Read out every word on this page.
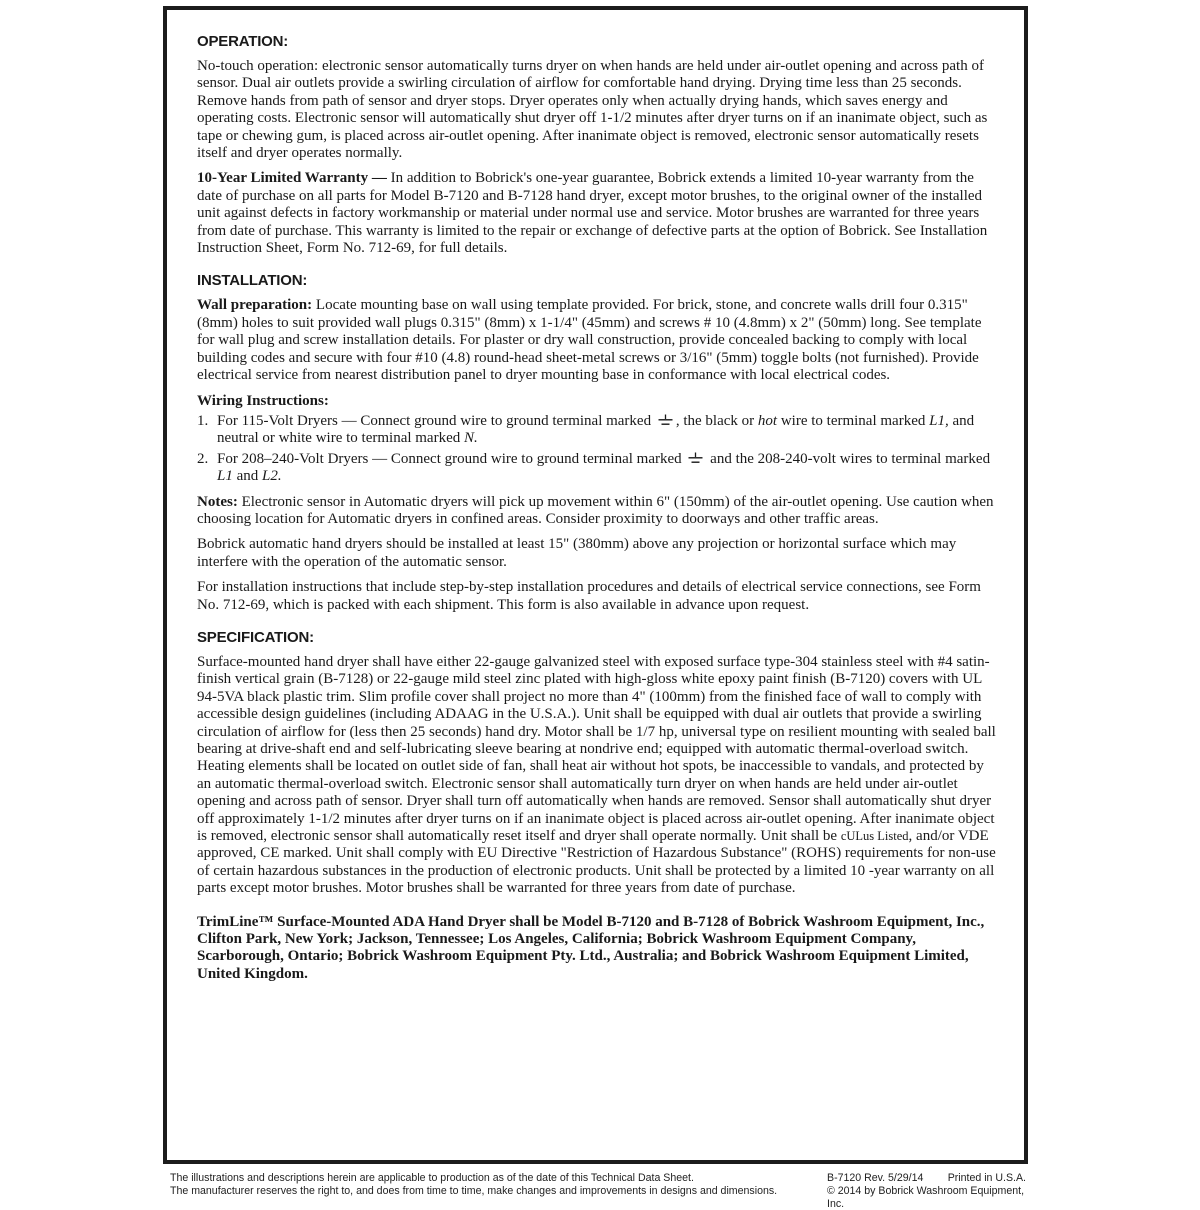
OPERATION:

No-touch operation: electronic sensor automatically turns dryer on when hands are held under air-outlet opening and across path of sensor. Dual air outlets provide a swirling circulation of airflow for comfortable hand drying. Drying time less than 25 seconds. Remove hands from path of sensor and dryer stops. Dryer operates only when actually drying hands, which saves energy and operating costs. Electronic sensor will automatically shut dryer off 1-1/2 minutes after dryer turns on if an inanimate object, such as tape or chewing gum, is placed across air-outlet opening. After inanimate object is removed, electronic sensor automatically resets itself and dryer operates normally.

10-Year Limited Warranty — In addition to Bobrick's one-year guarantee, Bobrick extends a limited 10-year warranty from the date of purchase on all parts for Model B-7120 and B-7128 hand dryer, except motor brushes, to the original owner of the installed unit against defects in factory workmanship or material under normal use and service. Motor brushes are warranted for three years from date of purchase. This warranty is limited to the repair or exchange of defective parts at the option of Bobrick. See Installation Instruction Sheet, Form No. 712-69, for full details.

INSTALLATION:

Wall preparation: Locate mounting base on wall using template provided. For brick, stone, and concrete walls drill four 0.315" (8mm) holes to suit provided wall plugs 0.315" (8mm) x 1-1/4" (45mm) and screws # 10 (4.8mm) x 2" (50mm) long. See template for wall plug and screw installation details. For plaster or dry wall construction, provide concealed backing to comply with local building codes and secure with four #10 (4.8) round-head sheet-metal screws or 3/16" (5mm) toggle bolts (not furnished). Provide electrical service from nearest distribution panel to dryer mounting base in conformance with local electrical codes.

Wiring Instructions:
1. For 115-Volt Dryers — Connect ground wire to ground terminal marked , the black or hot wire to terminal marked L1, and neutral or white wire to terminal marked N.
2. For 208–240-Volt Dryers — Connect ground wire to ground terminal marked  and the 208-240-volt wires to terminal marked L1 and L2.

Notes: Electronic sensor in Automatic dryers will pick up movement within 6" (150mm) of the air-outlet opening. Use caution when choosing location for Automatic dryers in confined areas. Consider proximity to doorways and other traffic areas.

Bobrick automatic hand dryers should be installed at least 15" (380mm) above any projection or horizontal surface which may interfere with the operation of the automatic sensor.

For installation instructions that include step-by-step installation procedures and details of electrical service connections, see Form No. 712-69, which is packed with each shipment. This form is also available in advance upon request.

SPECIFICATION:

Surface-mounted hand dryer shall have either 22-gauge galvanized steel with exposed surface type-304 stainless steel with #4 satin-finish vertical grain (B-7128) or 22-gauge mild steel zinc plated with high-gloss white epoxy paint finish (B-7120) covers with UL 94-5VA black plastic trim. Slim profile cover shall project no more than 4" (100mm) from the finished face of wall to comply with accessible design guidelines (including ADAAG in the U.S.A.). Unit shall be equipped with dual air outlets that provide a swirling circulation of airflow for (less then 25 seconds) hand dry. Motor shall be 1/7 hp, universal type on resilient mounting with sealed ball bearing at drive-shaft end and self-lubricating sleeve bearing at nondrive end; equipped with automatic thermal-overload switch. Heating elements shall be located on outlet side of fan, shall heat air without hot spots, be inaccessible to vandals, and protected by an automatic thermal-overload switch. Electronic sensor shall automatically turn dryer on when hands are held under air-outlet opening and across path of sensor. Dryer shall turn off automatically when hands are removed. Sensor shall automatically shut dryer off approximately 1-1/2 minutes after dryer turns on if an inanimate object is placed across air-outlet opening. After inanimate object is removed, electronic sensor shall automatically reset itself and dryer shall operate normally. Unit shall be cULus Listed, and/or VDE approved, CE marked. Unit shall comply with EU Directive "Restriction of Hazardous Substance" (ROHS) requirements for non-use of certain hazardous substances in the production of electronic products. Unit shall be protected by a limited 10 -year warranty on all parts except motor brushes. Motor brushes shall be warranted for three years from date of purchase.

TrimLine™ Surface-Mounted ADA Hand Dryer shall be Model B-7120 and B-7128 of Bobrick Washroom Equipment, Inc., Clifton Park, New York; Jackson, Tennessee; Los Angeles, California; Bobrick Washroom Equipment Company, Scarborough, Ontario; Bobrick Washroom Equipment Pty. Ltd., Australia; and Bobrick Washroom Equipment Limited, United Kingdom.

The illustrations and descriptions herein are applicable to production as of the date of this Technical Data Sheet.
The manufacturer reserves the right to, and does from time to time, make changes and improvements in designs and dimensions.
B-7120 Rev. 5/29/14 Printed in U.S.A.
© 2014 by Bobrick Washroom Equipment, Inc.
